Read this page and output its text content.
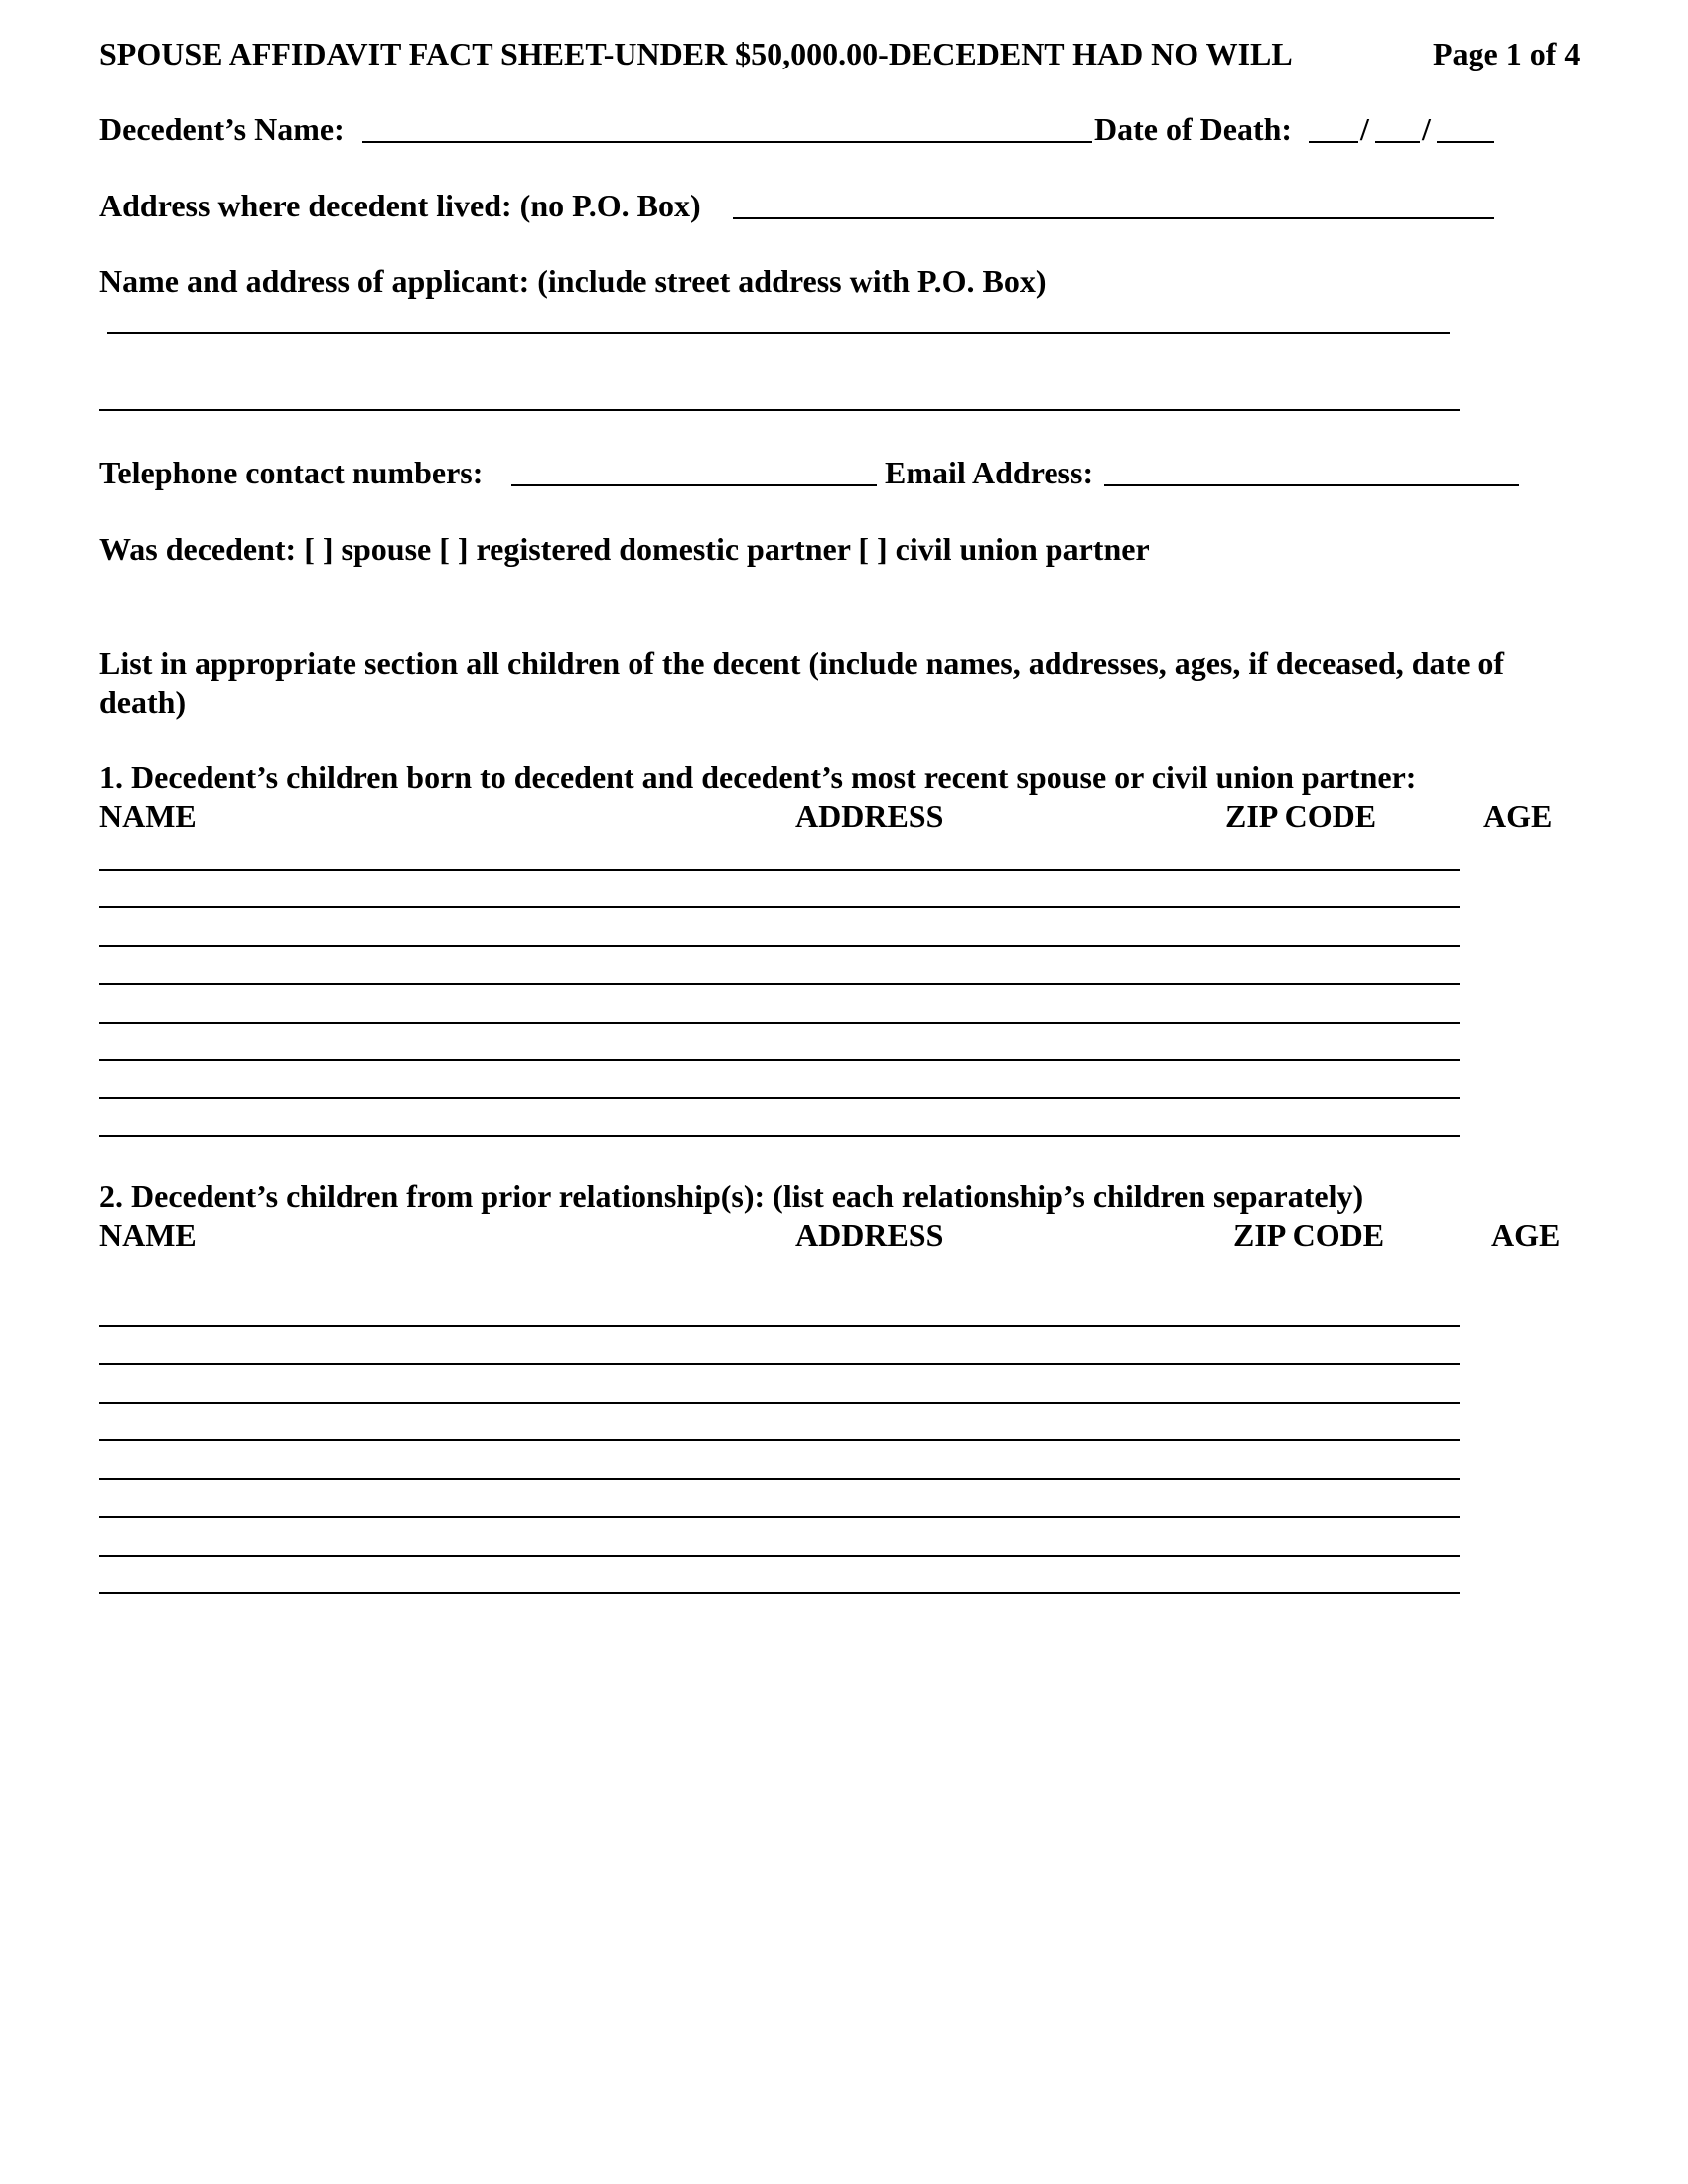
SPOUSE AFFIDAVIT FACT SHEET-UNDER $50,000.00-DECEDENT HAD NO WILL	Page 1 of 4
Decedent’s Name:	Date of Death: / /
Address where decedent lived: (no P.O. Box)
Name and address of applicant: (include street address with P.O. Box)
Telephone contact numbers:	Email Address:
Was decedent: [ ] spouse [ ] registered domestic partner [ ] civil union partner
List in appropriate section all children of the decent (include names, addresses, ages, if deceased, date of
death)
1. Decedent’s children born to decedent and decedent’s most recent spouse or civil union partner:
NAME	ADDRESS	ZIP CODE	AGE
2. Decedent’s children from prior relationship(s): (list each relationship’s children separately)
NAME	ADDRESS	ZIP CODE	AGE
